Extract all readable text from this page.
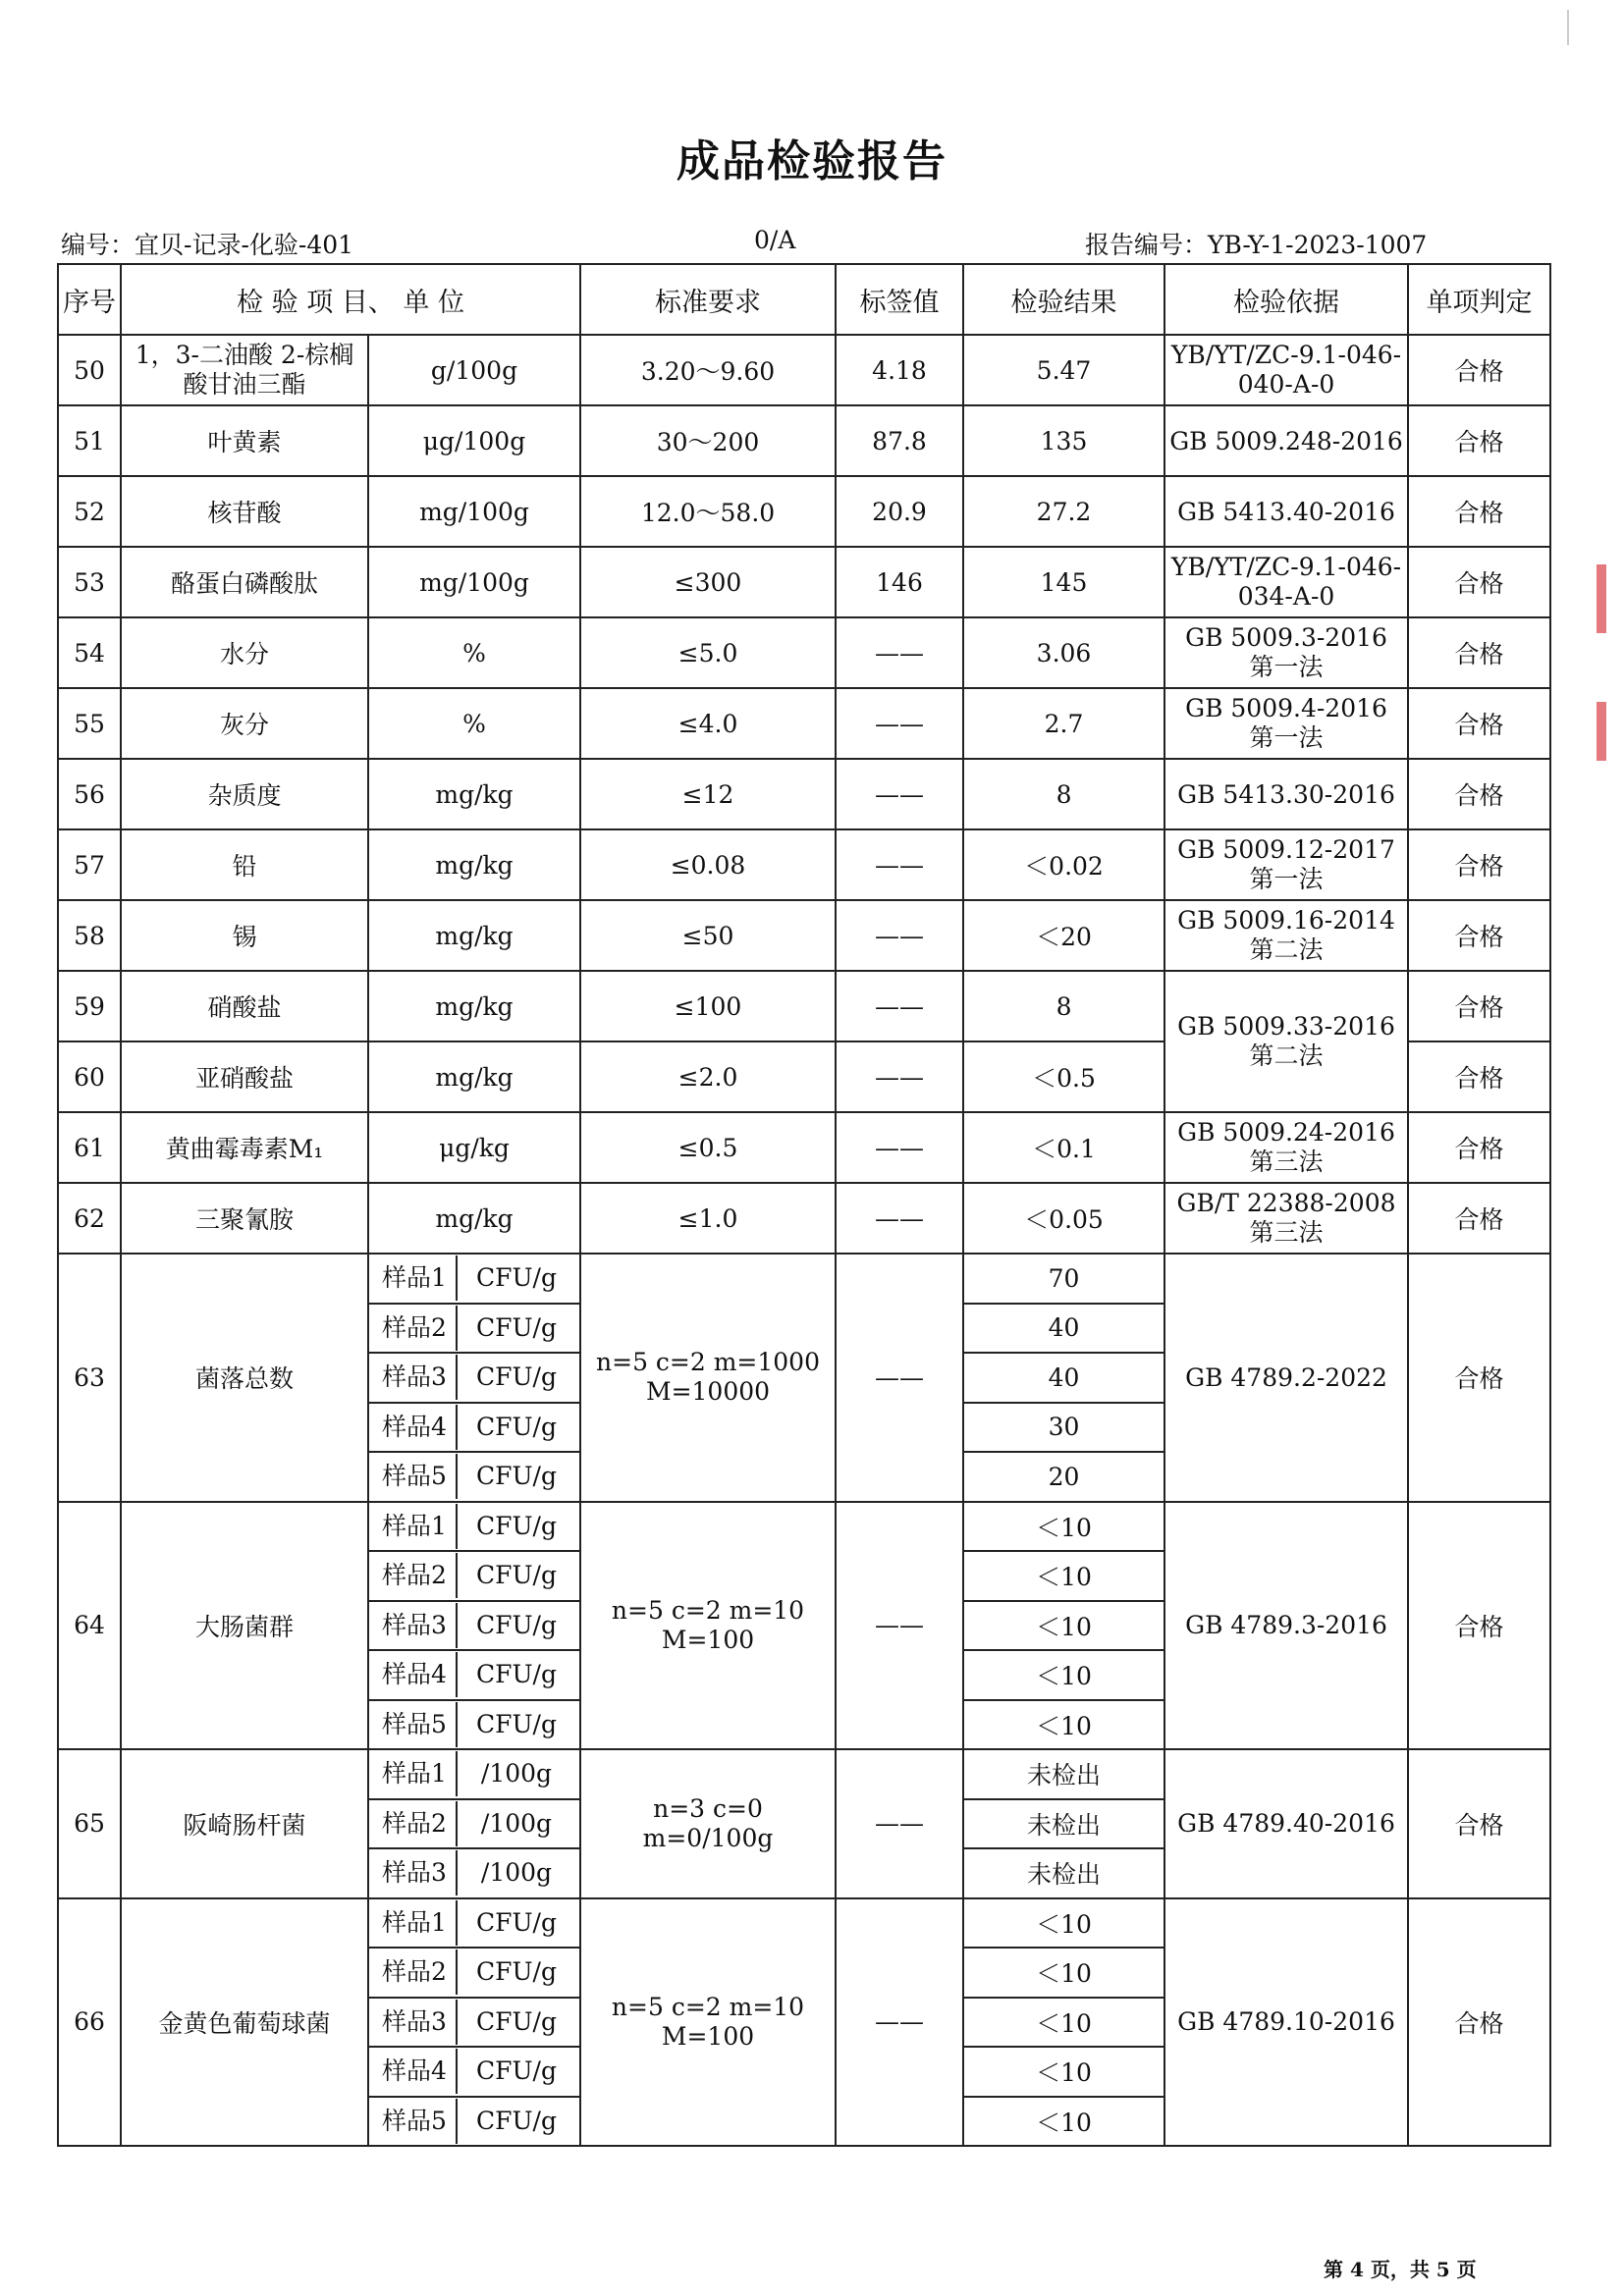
成品检验报告
编号：宜贝-记录-化验-401	0/A	报告编号：YB-Y-1-2023-1007
序号	检 验 项 目、 单 位		标准要求	标签值	检验结果	检验依据	单项判定
50	1，3-二油酸 2-棕榈酸甘油三酯	g/100g	3.20～9.60	4.18	5.47	YB/YT/ZC-9.1-046-040-A-0	合格
51	叶黄素	μg/100g	30～200	87.8	135	GB 5009.248-2016	合格
52	核苷酸	mg/100g	12.0～58.0	20.9	27.2	GB 5413.40-2016	合格
53	酪蛋白磷酸肽	mg/100g	≤300	146	145	YB/YT/ZC-9.1-046-034-A-0	合格
54	水分	%	≤5.0	——	3.06	GB 5009.3-2016 第一法	合格
55	灰分	%	≤4.0	——	2.7	GB 5009.4-2016 第一法	合格
56	杂质度	mg/kg	≤12	——	8	GB 5413.30-2016	合格
57	铅	mg/kg	≤0.08	——	＜0.02	GB 5009.12-2017 第一法	合格
58	锡	mg/kg	≤50	——	＜20	GB 5009.16-2014 第二法	合格
59	硝酸盐	mg/kg	≤100	——	8	GB 5009.33-2016 第二法	合格
60	亚硝酸盐	mg/kg	≤2.0	——	＜0.5		合格
61	黄曲霉毒素M₁	μg/kg	≤0.5	——	＜0.1	GB 5009.24-2016 第三法	合格
62	三聚氰胺	mg/kg	≤1.0	——	＜0.05	GB/T 22388-2008 第三法	合格
63	菌落总数	样品1 CFU/g	n=5 c=2 m=1000 M=10000	——	70	GB 4789.2-2022	合格
		样品2 CFU/g			40		
		样品3 CFU/g			40		
		样品4 CFU/g			30		
		样品5 CFU/g			20		
64	大肠菌群	样品1 CFU/g	n=5 c=2 m=10 M=100	——	＜10	GB 4789.3-2016	合格
		样品2 CFU/g			＜10		
		样品3 CFU/g			＜10		
		样品4 CFU/g			＜10		
		样品5 CFU/g			＜10		
65	阪崎肠杆菌	样品1 /100g	n=3 c=0 m=0/100g	——	未检出	GB 4789.40-2016	合格
		样品2 /100g			未检出		
		样品3 /100g			未检出		
66	金黄色葡萄球菌	样品1 CFU/g	n=5 c=2 m=10 M=100	——	＜10	GB 4789.10-2016	合格
		样品2 CFU/g			＜10		
		样品3 CFU/g			＜10		
		样品4 CFU/g			＜10		
		样品5 CFU/g			＜10		
第 4 页，共 5 页
